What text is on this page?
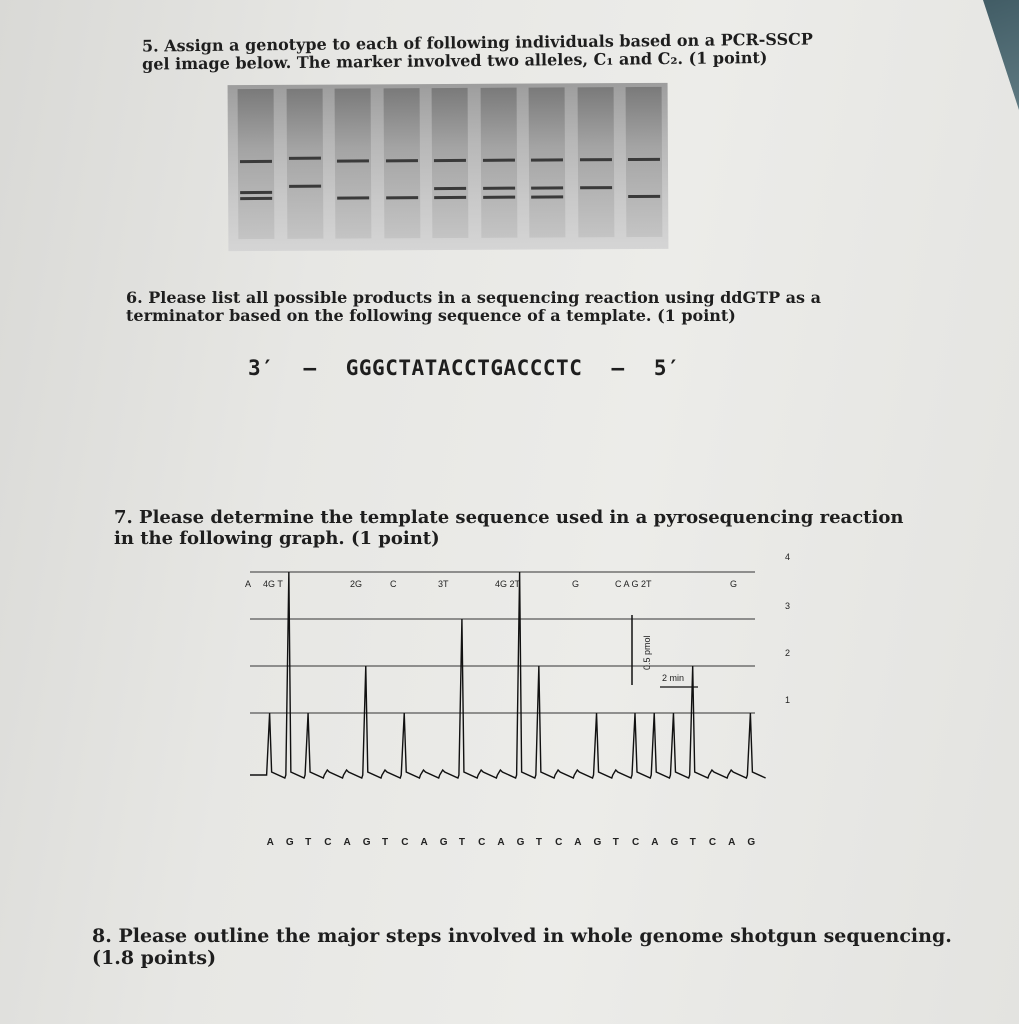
5. Assign a genotype to each of following individuals based on a PCR-SSCP gel image below. The marker involved two alleles, C₁ and C₂. (1 point)
6. Please list all possible products in a sequencing reaction using ddGTP as a terminator based on the following sequence of a template. (1 point)
3′ – GGGCTATACCTGACCCTC – 5′
7. Please determine the template sequence used in a pyrosequencing reaction in the following graph. (1 point)
1
2
3
4
A 4G T	2G	C	3T	4G 2T	G	C A G 2T	G
A G T C A G T C A G T C A G T C A G T C A G T C A G
0.5 pmol
2 min
8. Please outline the major steps involved in whole genome shotgun sequencing. (1.8 points)
